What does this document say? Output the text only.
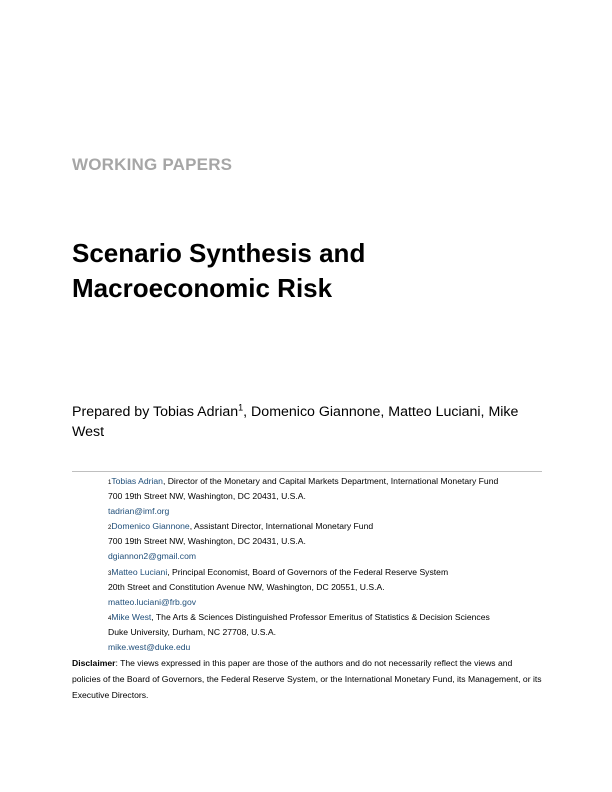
WORKING PAPERS
Scenario Synthesis and
Macroeconomic Risk

Prepared by Tobias Adrian$^1$, Domenico Giannone, Matteo Luciani, Mike
West

1Tobias Adrian, Director of the Monetary and Capital Markets Department, International Monetary Fund
700 19th Street NW, Washington, DC 20431, U.S.A.
tadrian@imf.org
2Domenico Giannone, Assistant Director, International Monetary Fund
700 19th Street NW, Washington, DC 20431, U.S.A.
dgiannon2@gmail.com
3Matteo Luciani, Principal Economist, Board of Governors of the Federal Reserve System
20th Street and Constitution Avenue NW, Washington, DC 20551, U.S.A.
matteo.luciani@frb.gov
4Mike West, The Arts & Sciences Distinguished Professor Emeritus of Statistics & Decision Sciences
Duke University, Durham, NC 27708, U.S.A.
mike.west@duke.edu

Disclaimer: The views expressed in this paper are those of the authors and do not necessarily reflect the views and policies of the Board of Governors, the Federal Reserve System, or the International Monetary Fund, its Management, or its Executive Directors.
